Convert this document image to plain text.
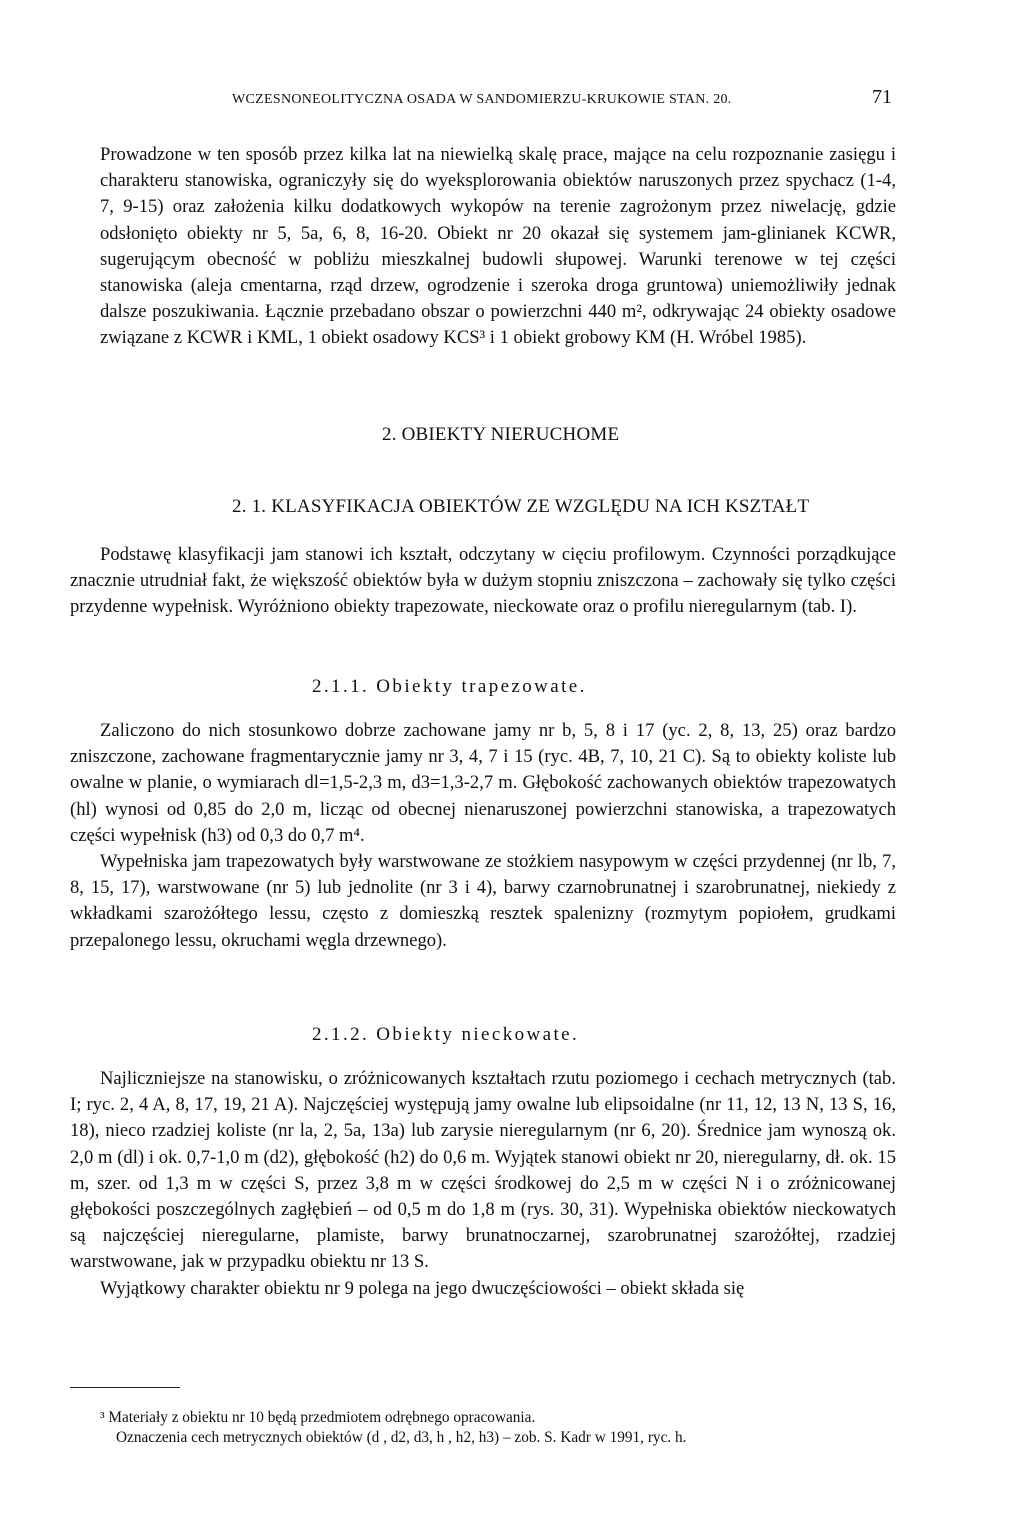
WCZESNONEOLITYCZNA OSADA W SANDOMIERZU-KRUKOWIE STAN. 20.	71

Prowadzone w ten sposób przez kilka lat na niewielką skalę prace, mające na celu rozpoznanie zasięgu i charakteru stanowiska, ograniczyły się do wyeksplorowania obiektów naruszonych przez spychacz (1-4, 7, 9-15) oraz założenia kilku dodatkowych wykopów na terenie zagrożonym przez niwelację, gdzie odsłonięto obiekty nr 5, 5a, 6, 8, 16-20. Obiekt nr 20 okazał się systemem jam-glinianek KCWR, sugerującym obecność w pobliżu mieszkalnej budowli słupowej. Warunki terenowe w tej części stanowiska (aleja cmentarna, rząd drzew, ogrodzenie i szeroka droga gruntowa) uniemożliwiły jednak dalsze poszukiwania. Łącznie przebadano obszar o powierzchni 440 m², odkrywając 24 obiekty osadowe związane z KCWR i KML, 1 obiekt osadowy KCS³ i 1 obiekt grobowy KM (H. Wróbel 1985).

2. OBIEKTY NIERUCHOME
2. 1. KLASYFIKACJA OBIEKTÓW ZE WZGLĘDU NA ICH KSZTAŁT

Podstawę klasyfikacji jam stanowi ich kształt, odczytany w cięciu profilowym. Czynności porządkujące znacznie utrudniał fakt, że większość obiektów była w dużym stopniu zniszczona – zachowały się tylko części przydenne wypełnisk. Wyróżniono obiekty trapezowate, nieckowate oraz o profilu nieregularnym (tab. I).

2.1.1. Obiekty trapezowate.

Zaliczono do nich stosunkowo dobrze zachowane jamy nr b, 5, 8 i 17 (yc. 2, 8, 13, 25) oraz bardzo zniszczone, zachowane fragmentarycznie jamy nr 3, 4, 7 i 15 (ryc. 4B, 7, 10, 21 C). Są to obiekty koliste lub owalne w planie, o wymiarach dl=1,5-2,3 m, d3=1,3-2,7 m. Głębokość zachowanych obiektów trapezowatych (hl) wynosi od 0,85 do 2,0 m, licząc od obecnej nienaruszonej powierzchni stanowiska, a trapezowatych części wypełnisk (h3) od 0,3 do 0,7 m⁴.

Wypełniska jam trapezowatych były warstwowane ze stożkiem nasypowym w części przydennej (nr lb, 7, 8, 15, 17), warstwowane (nr 5) lub jednolite (nr 3 i 4), barwy czarnobrunatnej i szarobrunatnej, niekiedy z wkładkami szarożółtego lessu, często z domieszką resztek spalenizny (rozmytym popiołem, grudkami przepalonego lessu, okruchami węgla drzewnego).

2.1.2. Obiekty nieckowate.

Najliczniejsze na stanowisku, o zróżnicowanych kształtach rzutu poziomego i cechach metrycznych (tab. I; ryc. 2, 4 A, 8, 17, 19, 21 A). Najczęściej występują jamy owalne lub elipsoidalne (nr 11, 12, 13 N, 13 S, 16, 18), nieco rzadziej koliste (nr la, 2, 5a, 13a) lub zarysie nieregularnym (nr 6, 20). Średnice jam wynoszą ok. 2,0 m (dl) i ok. 0,7-1,0 m (d2), głębokość (h2) do 0,6 m. Wyjątek stanowi obiekt nr 20, nieregularny, dł. ok. 15 m, szer. od 1,3 m w części S, przez 3,8 m w części środkowej do 2,5 m w części N i o zróżnicowanej głębokości poszczególnych zagłębień – od 0,5 m do 1,8 m (rys. 30, 31). Wypełniska obiektów nieckowatych są najczęściej nieregularne, plamiste, barwy brunatnoczarnej, szarobrunatnej szarożółtej, rzadziej warstwowane, jak w przypadku obiektu nr 13 S.

Wyjątkowy charakter obiektu nr 9 polega na jego dwuczęściowości – obiekt składa się

³ Materiały z obiektu nr 10 będą przedmiotem odrębnego opracowania.

Oznaczenia cech metrycznych obiektów (d , d2, d3, h , h2, h3) – zob. S. Kadr w 1991, ryc. h.
